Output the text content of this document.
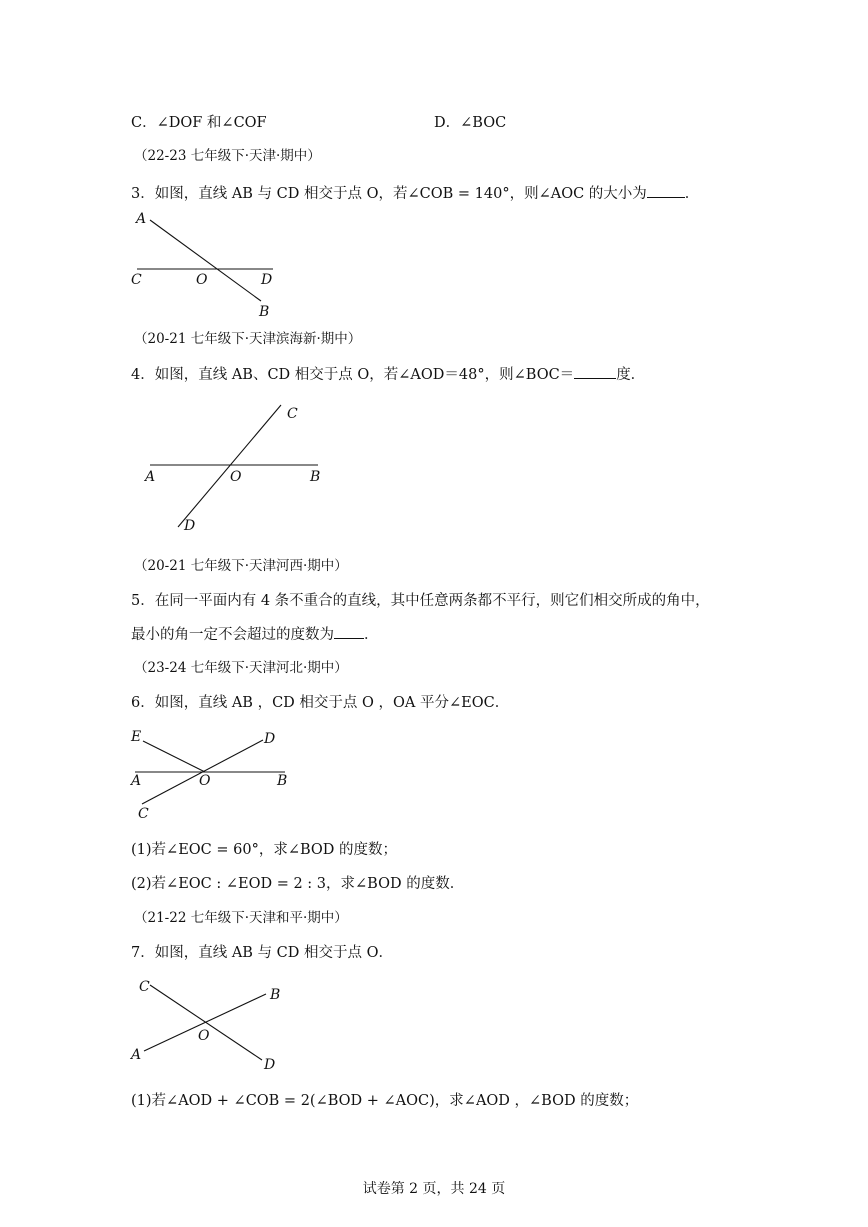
C．∠DOF 和∠COF	D．∠BOC
（22-23 七年级下·天津·期中）
3．如图，直线 AB 与 CD 相交于点 O，若∠COB = 140°，则∠AOC 的大小为	．
A
C	O	D
B
（20-21 七年级下·天津滨海新·期中）
4．如图，直线 AB、CD 相交于点 O，若∠AOD＝48°，则∠BOC＝	度．
C
A	O	B
D
（20-21 七年级下·天津河西·期中）
5．在同一平面内有 4 条不重合的直线，其中任意两条都不平行，则它们相交所成的角中，
最小的角一定不会超过的度数为 ．
（23-24 七年级下·天津河北·期中）
6．如图，直线 AB ，CD 相交于点 O ，OA 平分∠EOC．
E	D
A	O	B
C
(1)若∠EOC = 60°，求∠BOD 的度数；
(2)若∠EOC : ∠EOD = 2 : 3，求∠BOD 的度数．
（21-22 七年级下·天津和平·期中）
7．如图，直线 AB 与 CD 相交于点 O．
C	B
O
A
D
(1)若∠AOD + ∠COB = 2(∠BOD + ∠AOC)，求∠AOD ，∠BOD 的度数；
试卷第 2 页，共 24 页
